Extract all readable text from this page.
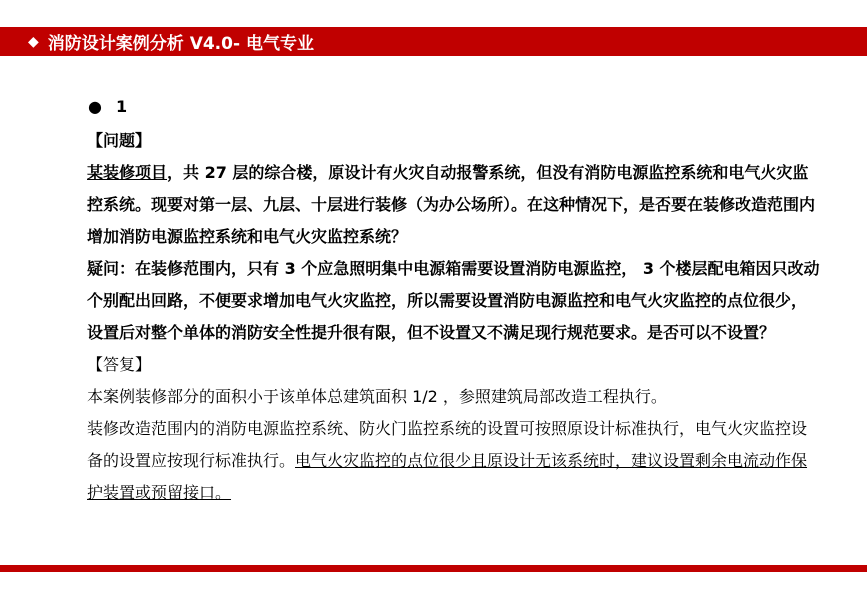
◆ 消防设计案例分析 V4.0- 电气专业
● 1

【问题】

某装修项目，共 27 层的综合楼，原设计有火灾自动报警系统，但没有消防电源监控系统和电气火灾监控系统。现要对第一层、九层、十层进行装修（为办公场所）。在这种情况下，是否要在装修改造范围内增加消防电源监控系统和电气火灾监控系统？

疑问：在装修范围内，只有 3 个应急照明集中电源箱需要设置消防电源监控， 3 个楼层配电箱因只改动个别配出回路，不便要求增加电气火灾监控，所以需要设置消防电源监控和电气火灾监控的点位很少，设置后对整个单体的消防安全性提升很有限，但不设置又不满足现行规范要求。是否可以不设置？

【答复】

本案例装修部分的面积小于该单体总建筑面积 1/2 ，参照建筑局部改造工程执行。

装修改造范围内的消防电源监控系统、防火门监控系统的设置可按照原设计标准执行，电气火灾监控设备的设置应按现行标准执行。电气火灾监控的点位很少且原设计无该系统时，建议设置剩余电流动作保护装置或预留接口。
